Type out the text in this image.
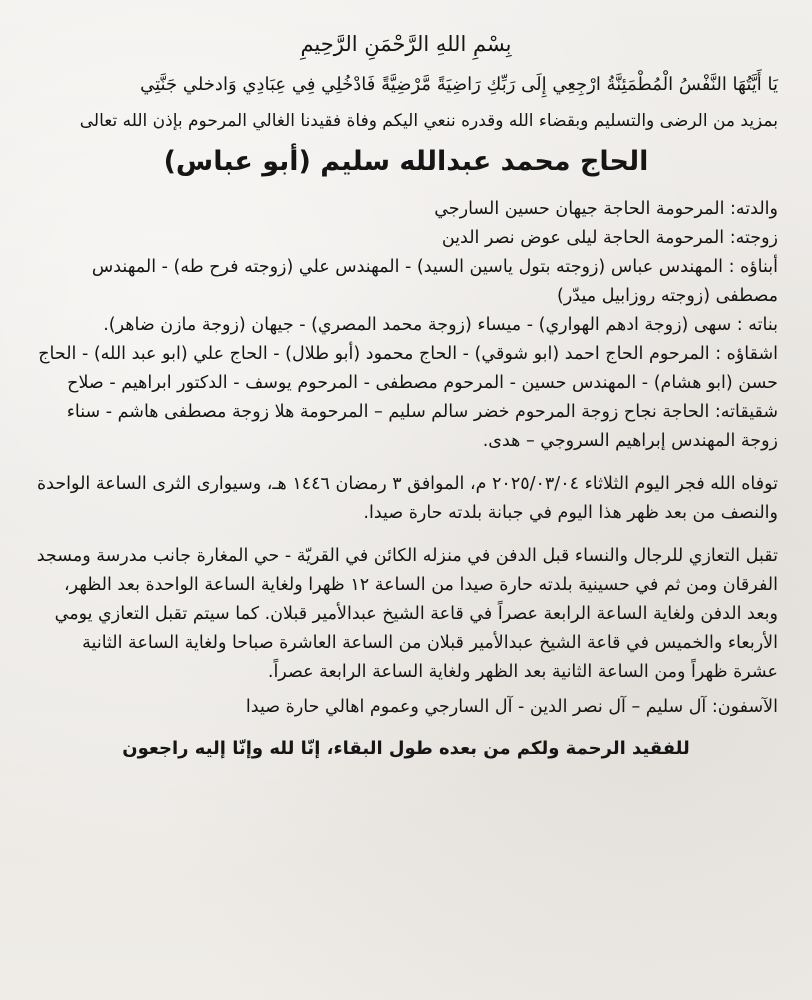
بِسْمِ اللهِ الرَّحْمَنِ الرَّحِيمِ

يَا أَيَّتُهَا النَّفْسُ الْمُطْمَئِنَّةُ ارْجِعِي إِلَى رَبِّكِ رَاضِيَةً مَّرْضِيَّةً فَادْخُلِي فِي عِبَادِي وَادخلي جَنَّتِي

بمزيد من الرضى والتسليم وبقضاء الله وقدره ننعي اليكم وفاة فقيدنا الغالي المرحوم بإذن الله تعالى

الحاج محمد عبدالله سليم (أبو عباس)

والدته: المرحومة الحاجة جيهان حسين السارجي

زوجته: المرحومة الحاجة ليلى عوض نصر الدين

أبناؤه : المهندس عباس (زوجته بتول ياسين السيد) - المهندس علي (زوجته فرح طه) - المهندس مصطفى (زوجته روزابيل ميدّر)

بناته : سهى (زوجة ادهم الهواري) - ميساء (زوجة محمد المصري) - جيهان (زوجة مازن ضاهر).

اشقاؤه : المرحوم الحاج احمد (ابو شوقي) - الحاج محمود (أبو طلال) - الحاج علي (ابو عبد الله) - الحاج حسن (ابو هشام) - المهندس حسين - المرحوم مصطفى - المرحوم يوسف - الدكتور ابراهيم - صلاح

شقيقاته: الحاجة نجاح زوجة المرحوم خضر سالم سليم – المرحومة هلا زوجة مصطفى هاشم - سناء زوجة المهندس إبراهيم السروجي – هدى.

توفاه الله فجر اليوم الثلاثاء ٢٠٢٥/٠٣/٠٤ م، الموافق ٣ رمضان ١٤٤٦ هـ، وسيوارى الثرى الساعة الواحدة والنصف من بعد ظهر هذا اليوم في جبانة بلدته حارة صيدا.

تقبل التعازي للرجال والنساء قبل الدفن في منزله الكائن في القريّة - حي المغارة جانب مدرسة ومسجد الفرقان ومن ثم في حسينية بلدته حارة صيدا من الساعة ١٢ ظهرا ولغاية الساعة الواحدة بعد الظهر، وبعد الدفن ولغاية الساعة الرابعة عصراً في قاعة الشيخ عبدالأمير قبلان. كما سيتم تقبل التعازي يومي الأربعاء والخميس في قاعة الشيخ عبدالأمير قبلان من الساعة العاشرة صباحا ولغاية الساعة الثانية عشرة ظهراً ومن الساعة الثانية بعد الظهر ولغاية الساعة الرابعة عصراً.

الآسفون: آل سليم – آل نصر الدين - آل السارجي وعموم اهالي حارة صيدا

للفقيد الرحمة ولكم من بعده طول البقاء، إنّا لله وإنّا إليه راجعون
